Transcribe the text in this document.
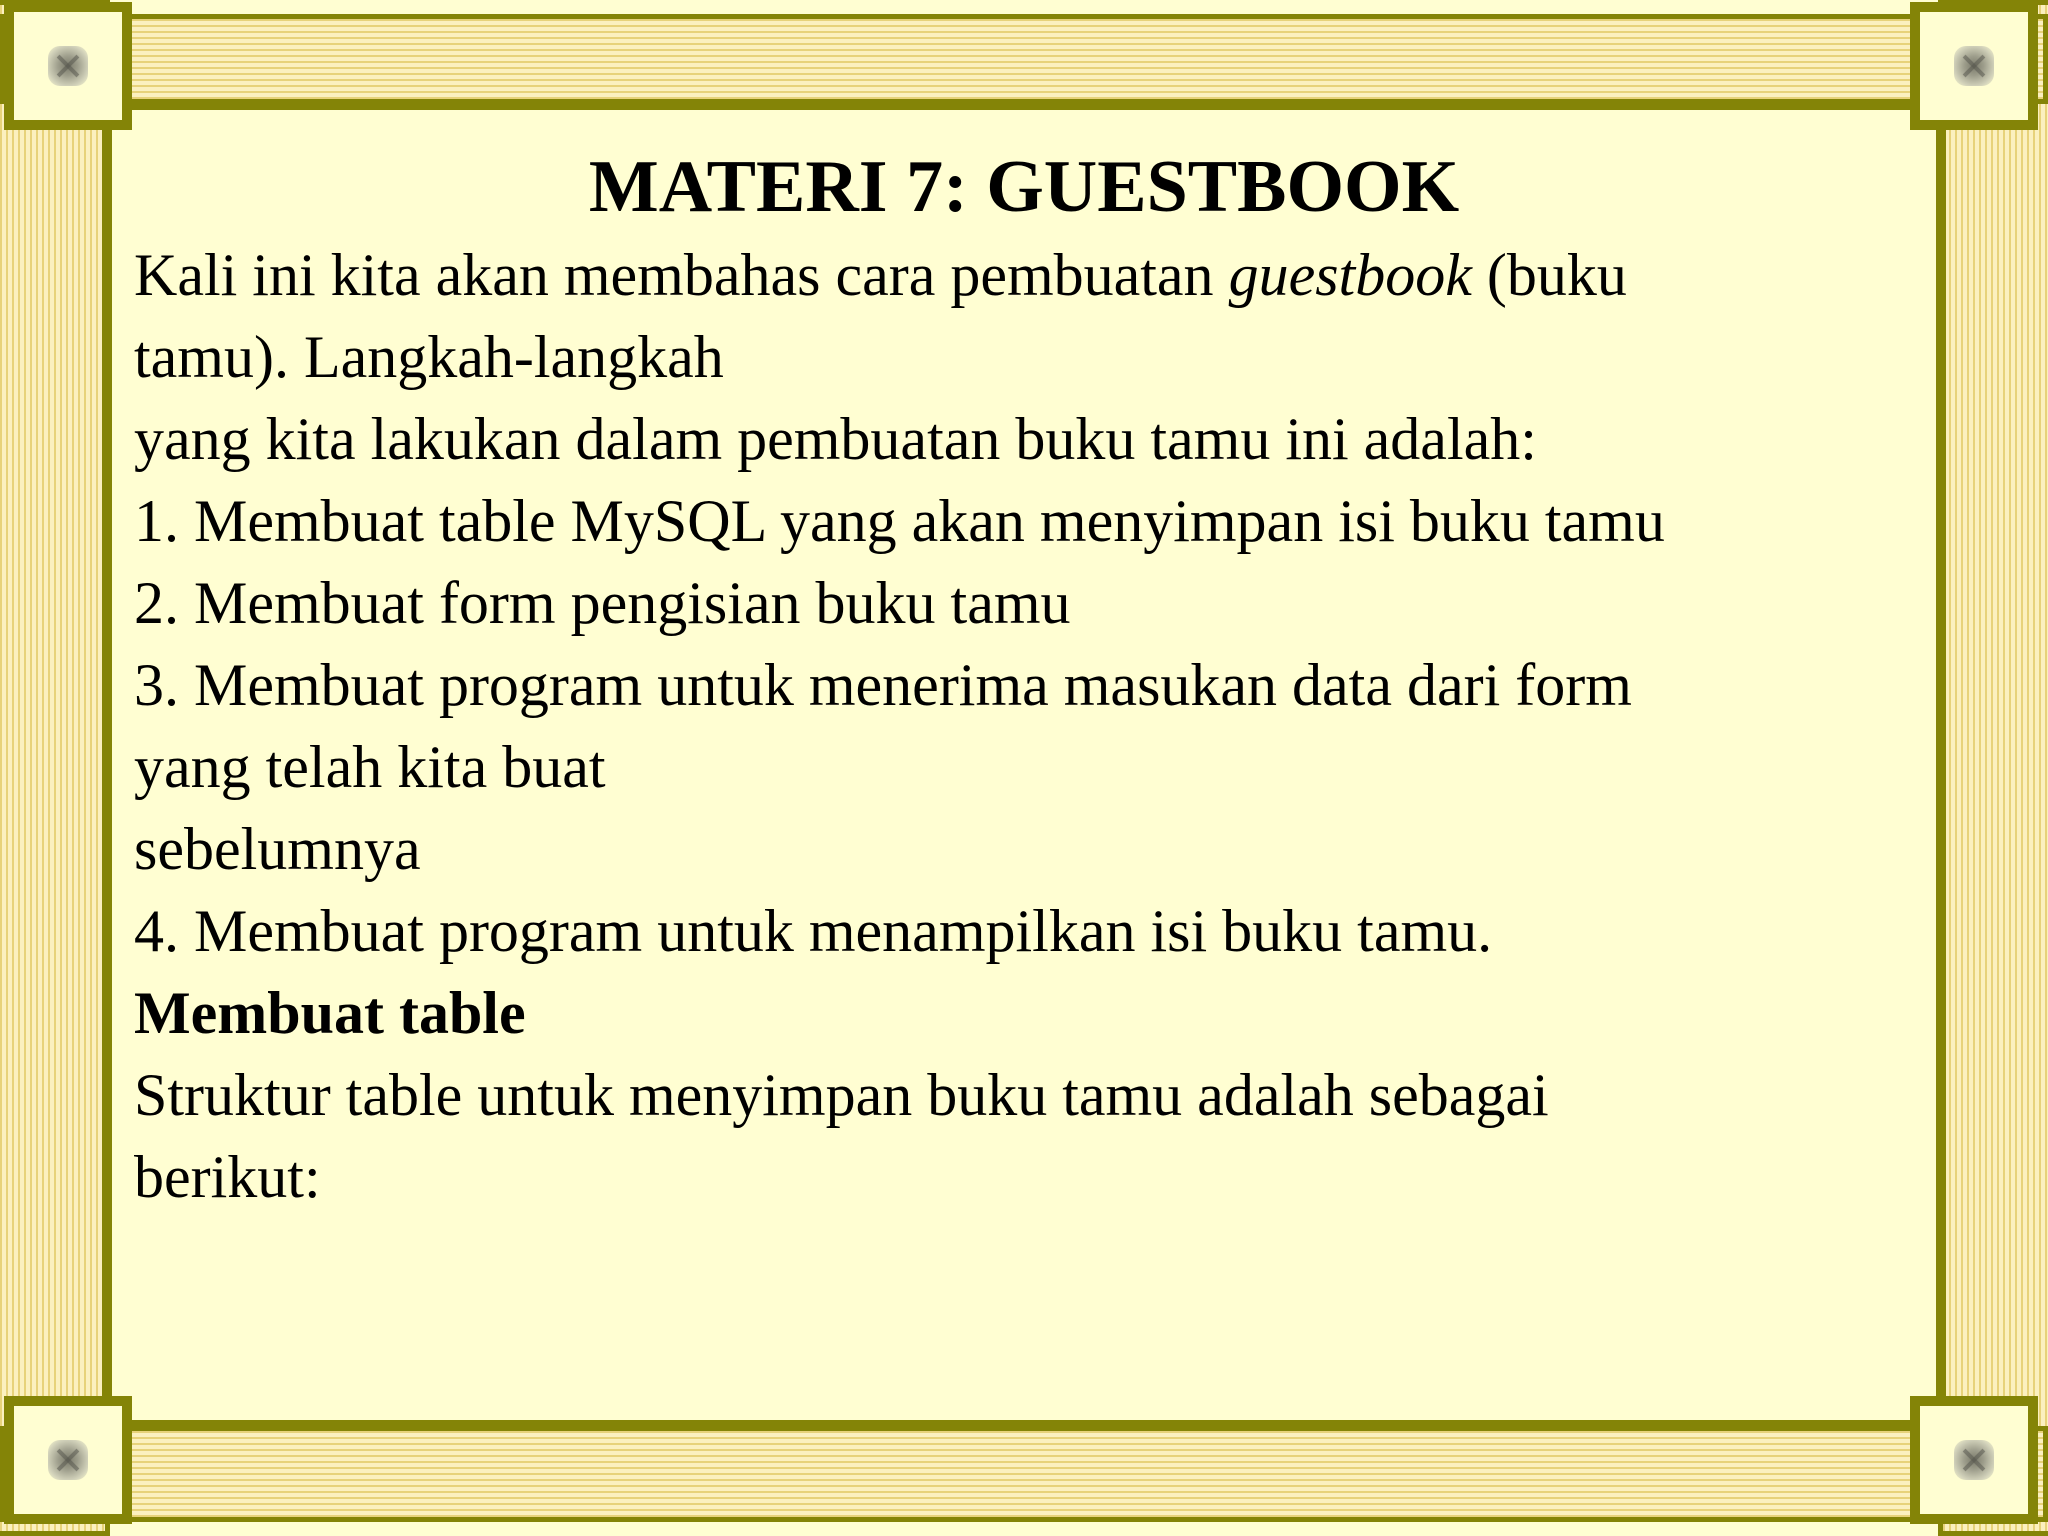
MATERI 7: GUESTBOOK
Kali ini kita akan membahas cara pembuatan guestbook (buku
tamu). Langkah-langkah
yang kita lakukan dalam pembuatan buku tamu ini adalah:
1. Membuat table MySQL yang akan menyimpan isi buku tamu
2. Membuat form pengisian buku tamu
3. Membuat program untuk menerima masukan data dari form
yang telah kita buat
sebelumnya
4. Membuat program untuk menampilkan isi buku tamu.
Membuat table
Struktur table untuk menyimpan buku tamu adalah sebagai
berikut:
